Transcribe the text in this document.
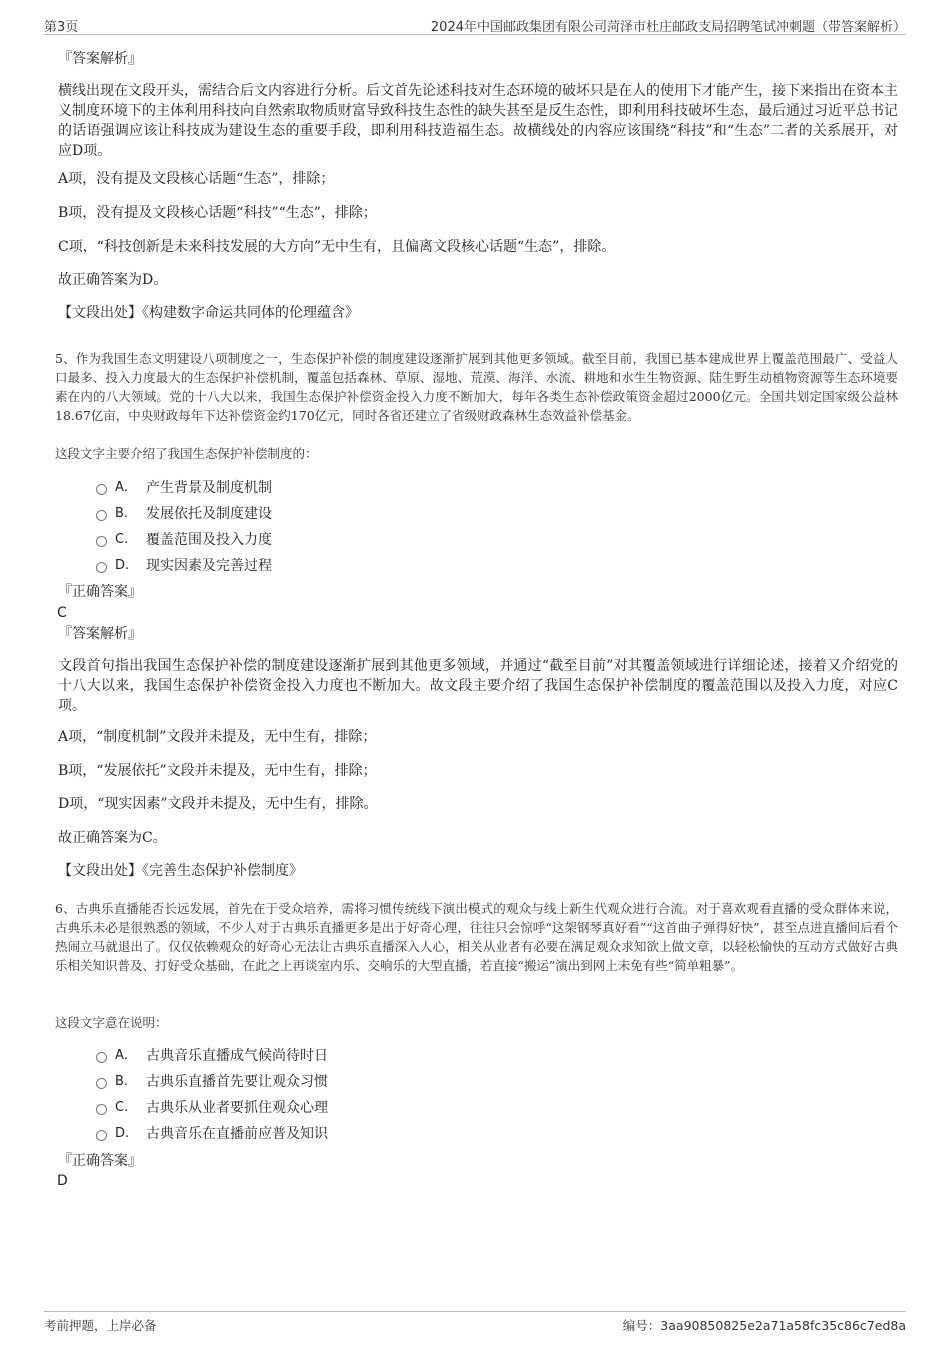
第3页	2024年中国邮政集团有限公司菏泽市杜庄邮政支局招聘笔试冲刺题（带答案解析）
『答案解析』
横线出现在文段开头，需结合后文内容进行分析。后文首先论述科技对生态环境的破坏只是在人的使用下才能产生，接下来指出在资本主义制度环境下的主体利用科技向自然索取物质财富导致科技生态性的缺失甚至是反生态性，即利用科技破坏生态，最后通过习近平总书记的话语强调应该让科技成为建设生态的重要手段，即利用科技造福生态。故横线处的内容应该围绕“科技”和“生态”二者的关系展开，对应D项。
A项，没有提及文段核心话题“生态”，排除；
B项，没有提及文段核心话题“科技”“生态”，排除；
C项，“科技创新是未来科技发展的大方向”无中生有，且偏离文段核心话题“生态”，排除。
故正确答案为D。
【文段出处】《构建数字命运共同体的伦理蕴含》
5、作为我国生态文明建设八项制度之一，生态保护补偿的制度建设逐渐扩展到其他更多领域。截至目前，我国已基本建成世界上覆盖范围最广、受益人口最多、投入力度最大的生态保护补偿机制，覆盖包括森林、草原、湿地、荒漠、海洋、水流、耕地和水生生物资源、陆生野生动植物资源等生态环境要素在内的八大领域。党的十八大以来，我国生态保护补偿资金投入力度不断加大，每年各类生态补偿政策资金超过2000亿元。全国共划定国家级公益林18.67亿亩，中央财政每年下达补偿资金约170亿元，同时各省还建立了省级财政森林生态效益补偿基金。
这段文字主要介绍了我国生态保护补偿制度的：
A． 产生背景及制度机制
B.	发展依托及制度建设
C.	覆盖范围及投入力度
D.	现实因素及完善过程
『正确答案』
C
『答案解析』
文段首句指出我国生态保护补偿的制度建设逐渐扩展到其他更多领域，并通过“截至目前”对其覆盖领域进行详细论述，接着又介绍党的十八大以来，我国生态保护补偿资金投入力度也不断加大。故文段主要介绍了我国生态保护补偿制度的覆盖范围以及投入力度，对应C项。
A项，“制度机制”文段并未提及，无中生有，排除；
B项，“发展依托”文段并未提及，无中生有，排除；
D项，“现实因素”文段并未提及，无中生有，排除。
故正确答案为C。
【文段出处】《完善生态保护补偿制度》
6、古典乐直播能否长远发展，首先在于受众培养，需将习惯传统线下演出模式的观众与线上新生代观众进行合流。对于喜欢观看直播的受众群体来说，古典乐未必是很熟悉的领域，不少人对于古典乐直播更多是出于好奇心理，往往只会惊呼“这架钢琴真好看”“这首曲子弹得好快”，甚至点进直播间后看个热闹立马就退出了。仅仅依赖观众的好奇心无法让古典乐直播深入人心，相关从业者有必要在满足观众求知欲上做文章，以轻松愉快的互动方式做好古典乐相关知识普及、打好受众基础，在此之上再谈室内乐、交响乐的大型直播，若直接“搬运”演出到网上未免有些“简单粗暴”。
这段文字意在说明：
A． 古典音乐直播成气候尚待时日
B.	古典乐直播首先要让观众习惯
C.	古典乐从业者要抓住观众心理
D.	古典音乐在直播前应普及知识
『正确答案』
D
考前押题，上岸必备	编号：3aa90850825e2a71a58fc35c86c7ed8a
